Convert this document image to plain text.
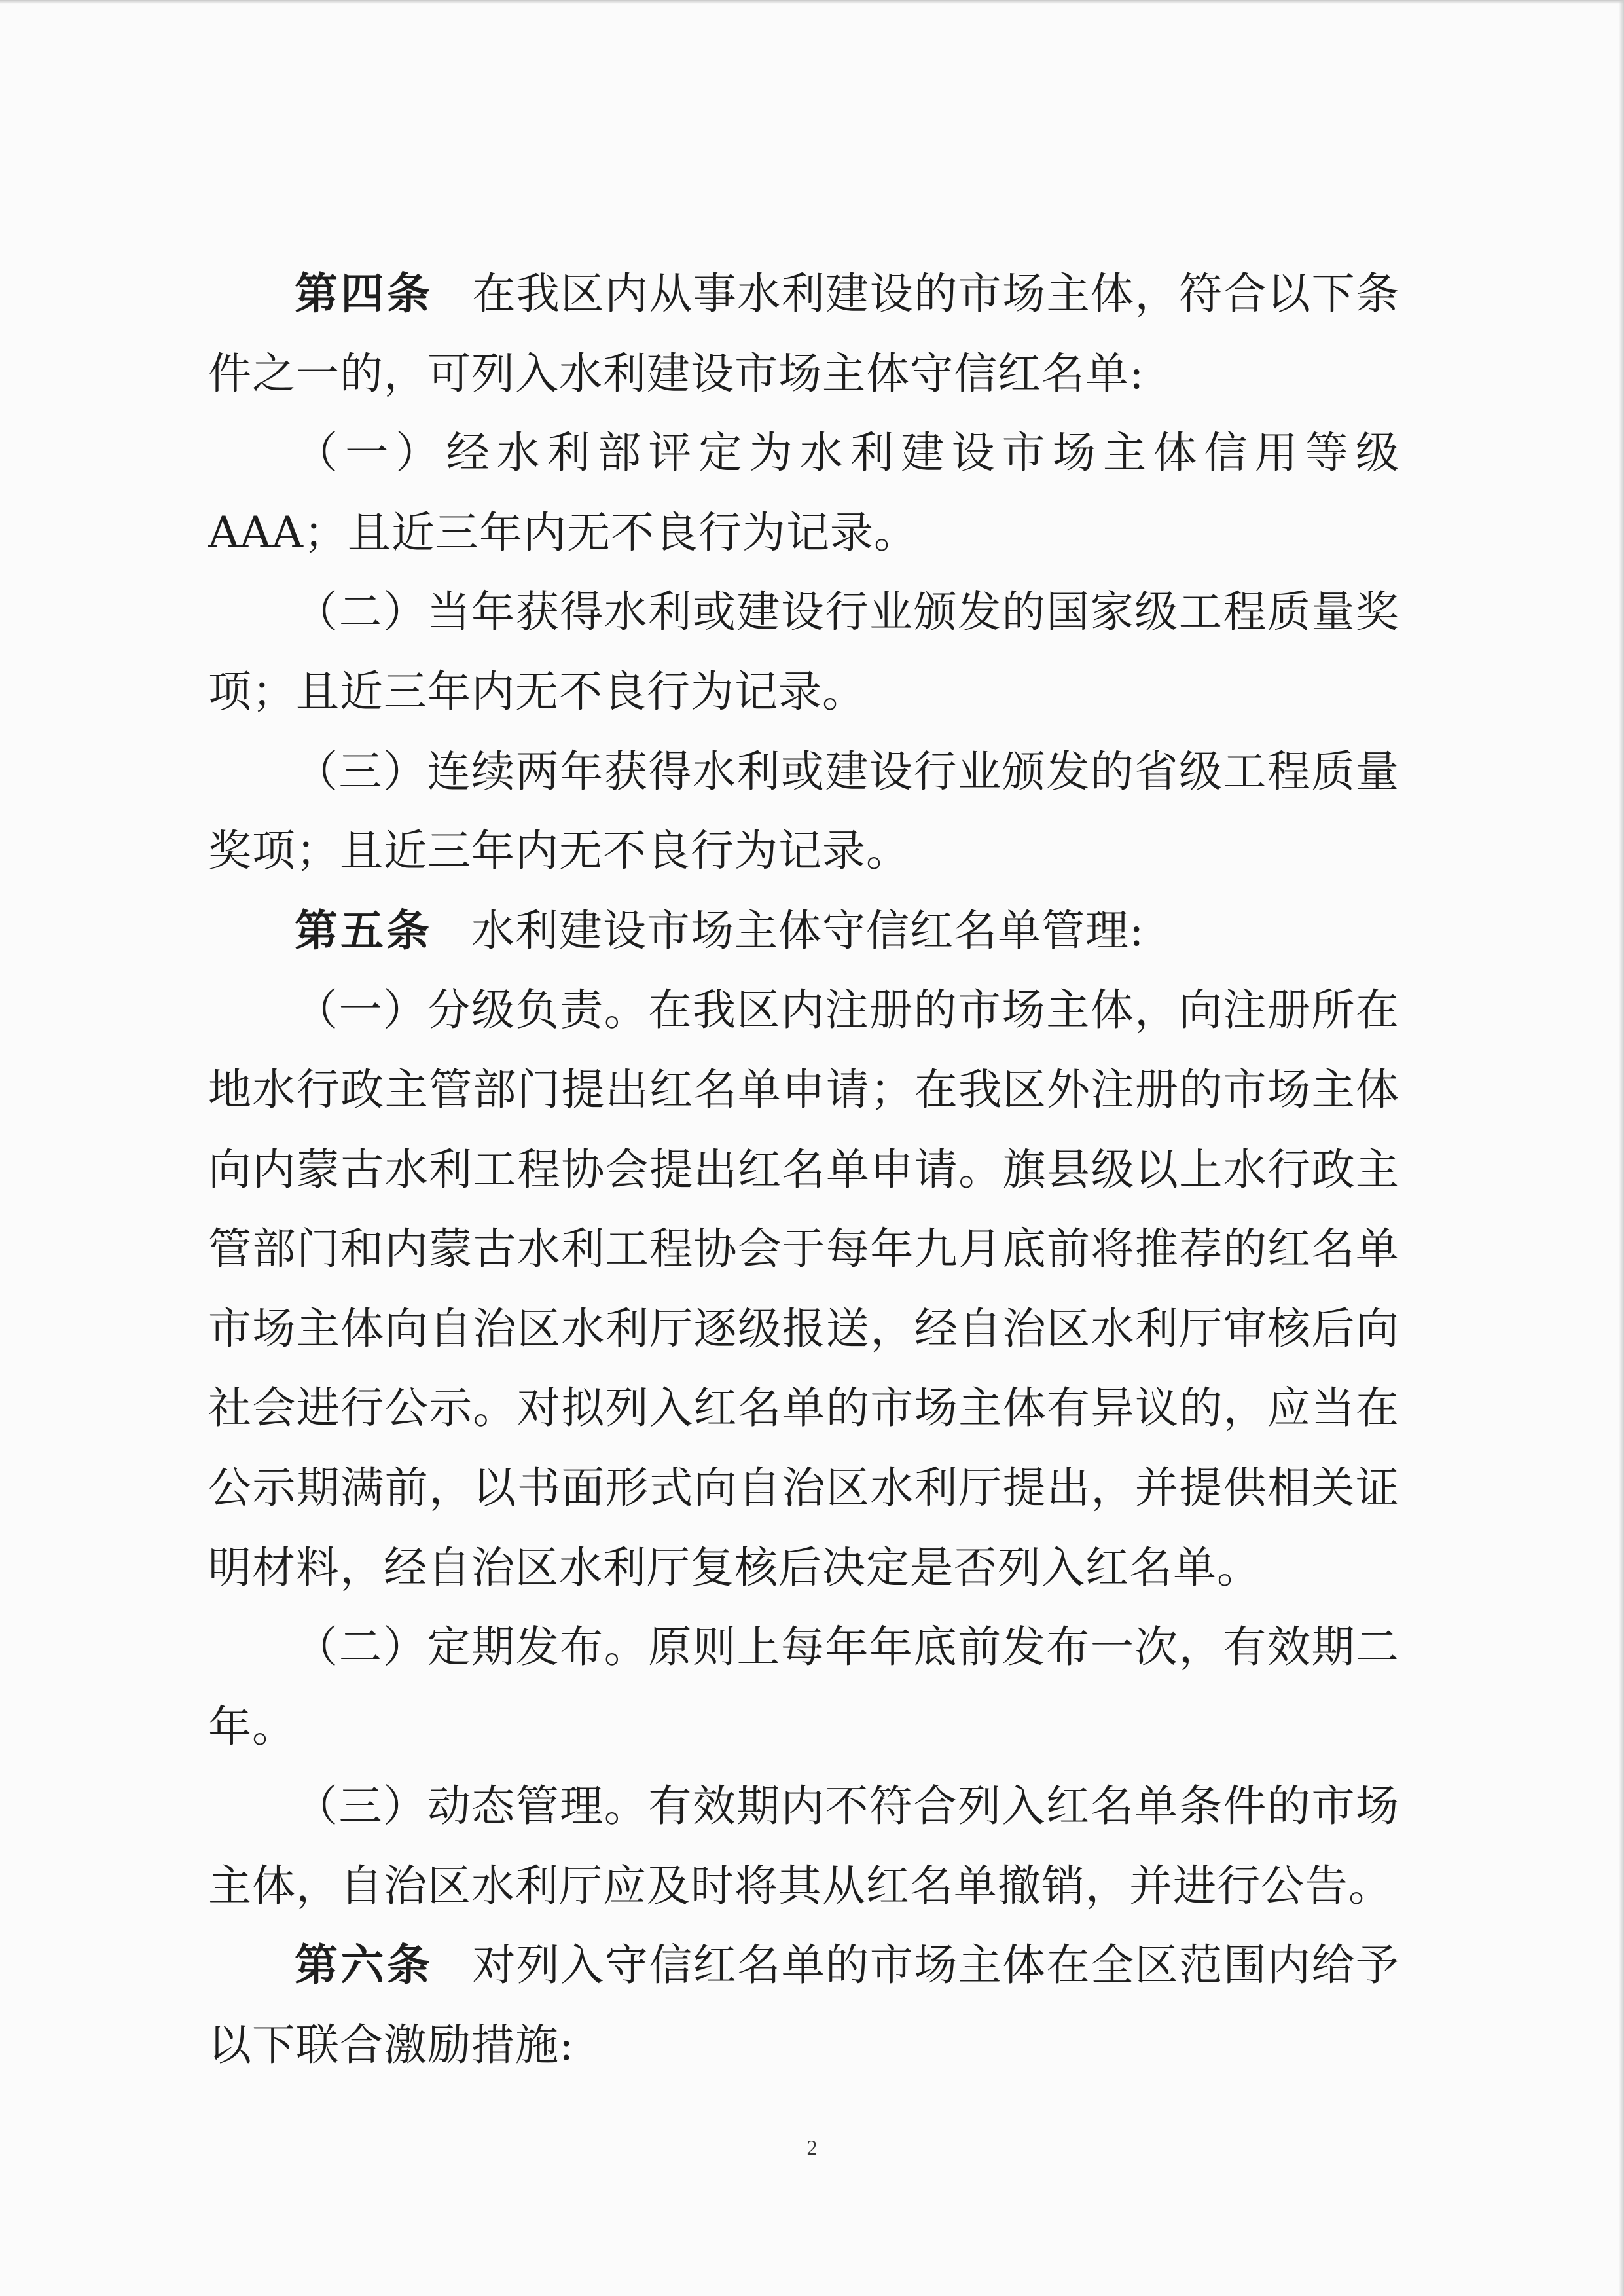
第四条 在我区内从事水利建设的市场主体，符合以下条件之一的，可列入水利建设市场主体守信红名单:

（一）经水利部评定为水利建设市场主体信用等级 AAA；且近三年内无不良行为记录。

（二）当年获得水利或建设行业颁发的国家级工程质量奖项；且近三年内无不良行为记录。

（三）连续两年获得水利或建设行业颁发的省级工程质量奖项；且近三年内无不良行为记录。

第五条 水利建设市场主体守信红名单管理:

（一）分级负责。在我区内注册的市场主体，向注册所在地水行政主管部门提出红名单申请；在我区外注册的市场主体向内蒙古水利工程协会提出红名单申请。旗县级以上水行政主管部门和内蒙古水利工程协会于每年九月底前将推荐的红名单市场主体向自治区水利厅逐级报送，经自治区水利厅审核后向社会进行公示。对拟列入红名单的市场主体有异议的，应当在公示期满前，以书面形式向自治区水利厅提出，并提供相关证明材料，经自治区水利厅复核后决定是否列入红名单。

（二）定期发布。原则上每年年底前发布一次，有效期二年。

（三）动态管理。有效期内不符合列入红名单条件的市场主体，自治区水利厅应及时将其从红名单撤销，并进行公告。

第六条 对列入守信红名单的市场主体在全区范围内给予以下联合激励措施:

2
